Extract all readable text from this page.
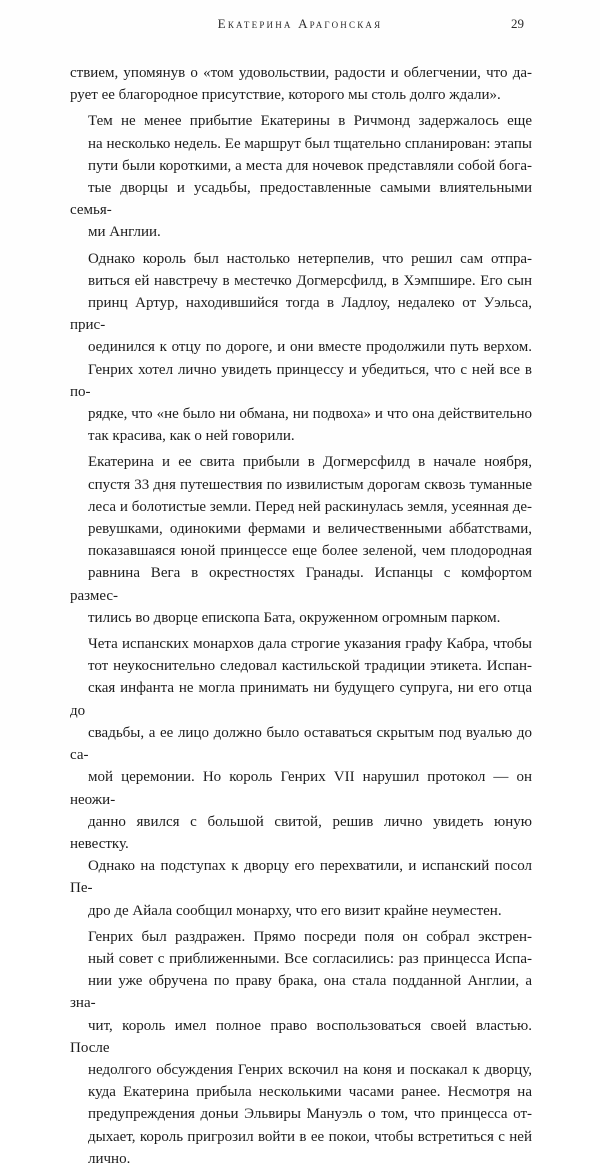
Екатерина Арагонская	29

ствием, упомянув о «том удовольствии, радости и облегчении, что да-
рует ее благородное присутствие, которого мы столь долго ждали».

Тем не менее прибытие Екатерины в Ричмонд задержалось еще
на несколько недель. Ее маршрут был тщательно спланирован: этапы
пути были короткими, а места для ночевок представляли собой бога-
тые дворцы и усадьбы, предоставленные самыми влиятельными семья-
ми Англии.

Однако король был настолько нетерпелив, что решил сам отпра-
виться ей навстречу в местечко Догмерсфилд, в Хэмпшире. Его сын
принц Артур, находившийся тогда в Ладлоу, недалеко от Уэльса, прис-
оединился к отцу по дороге, и они вместе продолжили путь верхом.
Генрих хотел лично увидеть принцессу и убедиться, что с ней все в по-
рядке, что «не было ни обмана, ни подвоха» и что она действительно
так красива, как о ней говорили.

Екатерина и ее свита прибыли в Догмерсфилд в начале ноября,
спустя 33 дня путешествия по извилистым дорогам сквозь туманные
леса и болотистые земли. Перед ней раскинулась земля, усеянная де-
ревушками, одинокими фермами и величественными аббатствами,
показавшаяся юной принцессе еще более зеленой, чем плодородная
равнина Вега в окрестностях Гранады. Испанцы с комфортом размес-
тились во дворце епископа Бата, окруженном огромным парком.

Чета испанских монархов дала строгие указания графу Кабра, чтобы
тот неукоснительно следовал кастильской традиции этикета. Испан-
ская инфанта не могла принимать ни будущего супруга, ни его отца до
свадьбы, а ее лицо должно было оставаться скрытым под вуалью до са-
мой церемонии. Но король Генрих VII нарушил протокол — он неожи-
данно явился с большой свитой, решив лично увидеть юную невестку.
Однако на подступах к дворцу его перехватили, и испанский посол Пе-
дро де Айала сообщил монарху, что его визит крайне неуместен.

Генрих был раздражен. Прямо посреди поля он собрал экстрен-
ный совет с приближенными. Все согласились: раз принцесса Испа-
нии уже обручена по праву брака, она стала подданной Англии, а зна-
чит, король имел полное право воспользоваться своей властью. После
недолгого обсуждения Генрих вскочил на коня и поскакал к дворцу,
куда Екатерина прибыла несколькими часами ранее. Несмотря на
предупреждения доньи Эльвиры Мануэль о том, что принцесса от-
дыхает, король пригрозил войти в ее покои, чтобы встретиться с ней
лично.
